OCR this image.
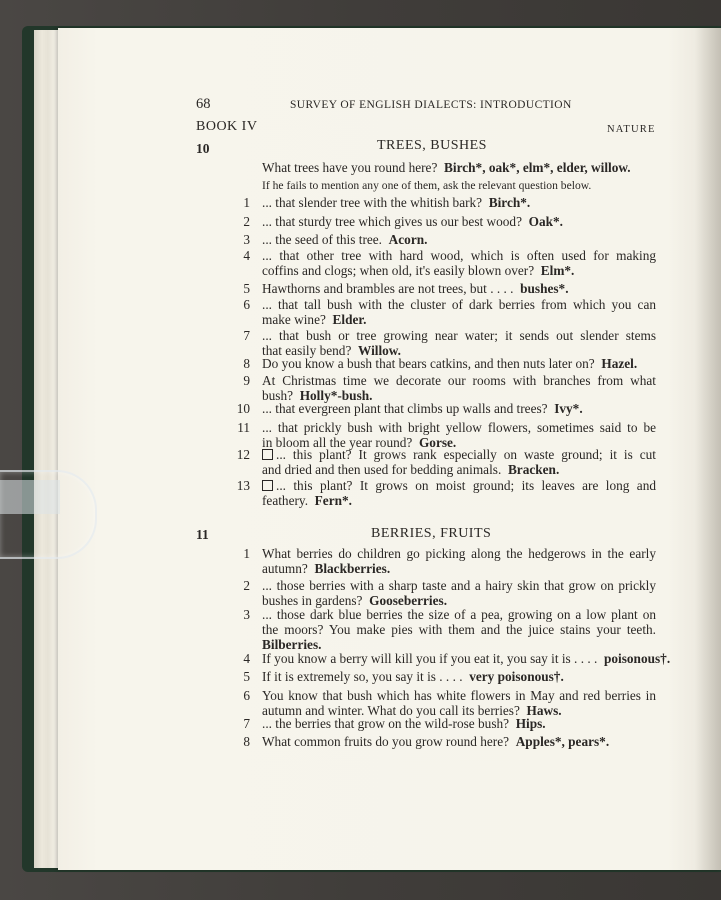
68	SURVEY OF ENGLISH DIALECTS: INTRODUCTION
BOOK IV	NATURE
10	TREES, BUSHES
What trees have you round here? Birch*, oak*, elm*, elder, willow.
If he fails to mention any one of them, ask the relevant question below.
1 ... that slender tree with the whitish bark? Birch*.
2 ... that sturdy tree which gives us our best wood? Oak*.
3 ... the seed of this tree. Acorn.
4 ... that other tree with hard wood, which is often used for making
coffins and clogs; when old, it's easily blown over? Elm*.
5 Hawthorns and brambles are not trees, but . . . . bushes*.
6 ... that tall bush with the cluster of dark berries from which you can
make wine? Elder.
7 ... that bush or tree growing near water; it sends out slender stems
that easily bend? Willow.
8 Do you know a bush that bears catkins, and then nuts later on? Hazel.
9 At Christmas time we decorate our rooms with branches from what
bush? Holly*-bush.
10 ... that evergreen plant that climbs up walls and trees? Ivy*.
11 ... that prickly bush with bright yellow flowers, sometimes said to be
in bloom all the year round? Gorse.
12	... this plant? It grows rank especially on waste ground; it is cut
and dried and then used for bedding animals. Bracken.
13	... this plant? It grows on moist ground; its leaves are long and
feathery. Fern*.
11	BERRIES, FRUITS
1 What berries do children go picking along the hedgerows in the early
autumn? Blackberries.
2 ... those berries with a sharp taste and a hairy skin that grow on prickly
bushes in gardens? Gooseberries.
3 ... those dark blue berries the size of a pea, growing on a low plant on
the moors? You make pies with them and the juice stains your teeth.
Bilberries.
4 If you know a berry will kill you if you eat it, you say it is . . . . poisonous†.
5 If it is extremely so, you say it is . . . . very poisonous†.
6 You know that bush which has white flowers in May and red berries in
autumn and winter. What do you call its berries? Haws.
7 ... the berries that grow on the wild-rose bush? Hips.
8 What common fruits do you grow round here? Apples*, pears*.
